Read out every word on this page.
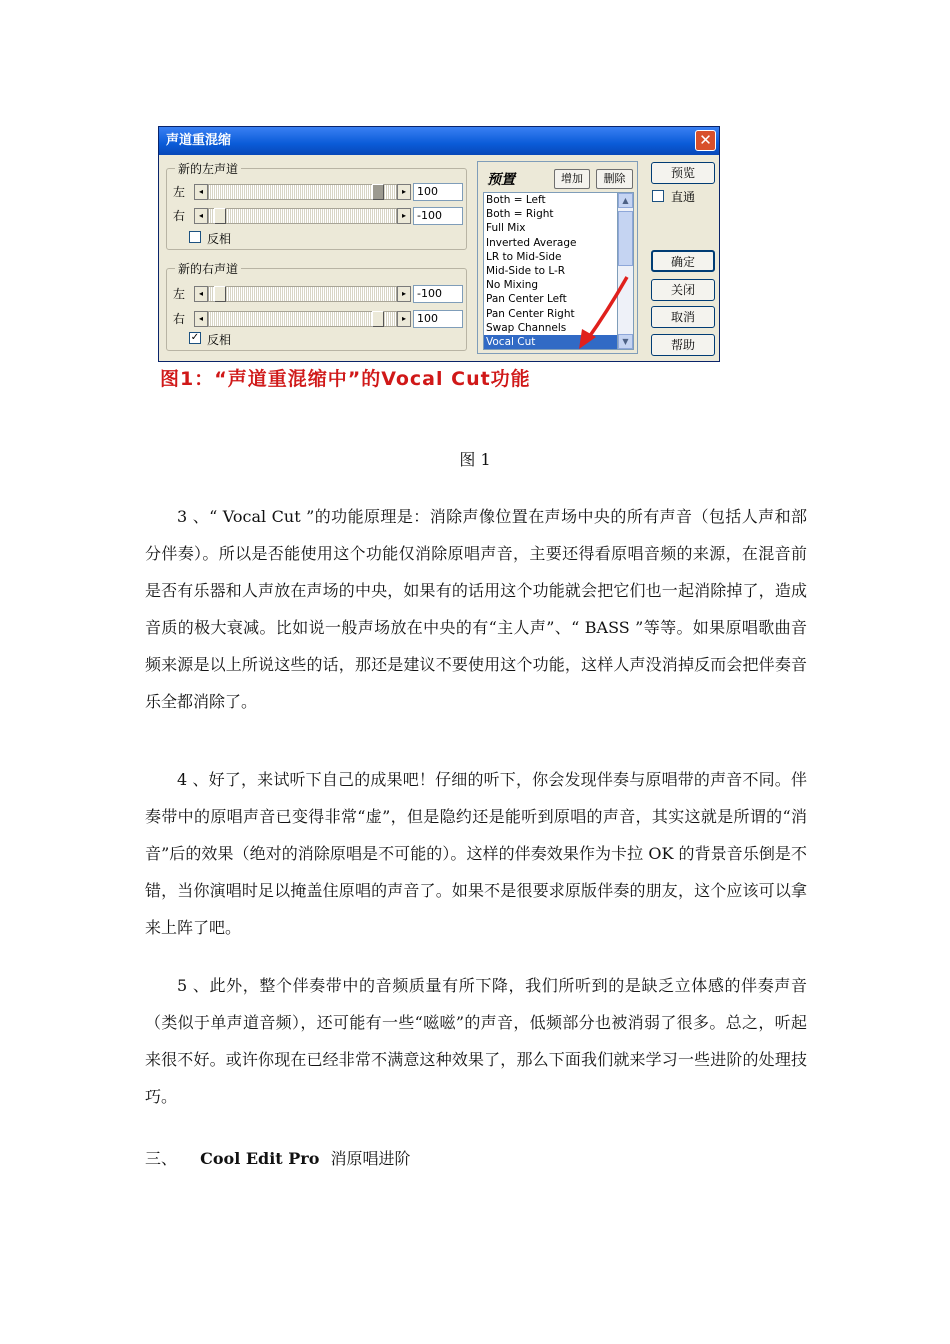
声道重混缩	✕
新的左声道
左	◂	▸	100
右	◂	▸	-100
反相
新的右声道
左	◂	▸	-100
右	◂	▸	100
✓ 反相
预置	增加	删除
Both = Left
Both = Right
Full Mix
Inverted Average
LR to Mid-Side
Mid-Side to L-R
No Mixing
Pan Center Left
Pan Center Right
Swap Channels
Vocal Cut
▲
▼
预览
直通
确定
关闭
取消
帮助
图1：“声道重混缩中”的Vocal Cut功能
图 1

3 、“ Vocal Cut ”的功能原理是：消除声像位置在声场中央的所有声音（包括人声和部分伴奏）。所以是否能使用这个功能仅消除原唱声音，主要还得看原唱音频的来源，在混音前是否有乐器和人声放在声场的中央，如果有的话用这个功能就会把它们也一起消除掉了，造成音质的极大衰减。比如说一般声场放在中央的有“主人声”、“ BASS ”等等。如果原唱歌曲音频来源是以上所说这些的话，那还是建议不要使用这个功能，这样人声没消掉反而会把伴奏音乐全都消除了。

4 、好了，来试听下自己的成果吧！仔细的听下，你会发现伴奏与原唱带的声音不同。伴奏带中的原唱声音已变得非常“虚”，但是隐约还是能听到原唱的声音，其实这就是所谓的“消音”后的效果（绝对的消除原唱是不可能的）。这样的伴奏效果作为卡拉 OK 的背景音乐倒是不错，当你演唱时足以掩盖住原唱的声音了。如果不是很要求原版伴奏的朋友，这个应该可以拿来上阵了吧。

5 、此外，整个伴奏带中的音频质量有所下降，我们所听到的是缺乏立体感的伴奏声音（类似于单声道音频），还可能有一些“嗞嗞”的声音，低频部分也被消弱了很多。总之，听起来很不好。或许你现在已经非常不满意这种效果了，那么下面我们就来学习一些进阶的处理技巧。

三、 Cool Edit Pro 消原唱进阶
